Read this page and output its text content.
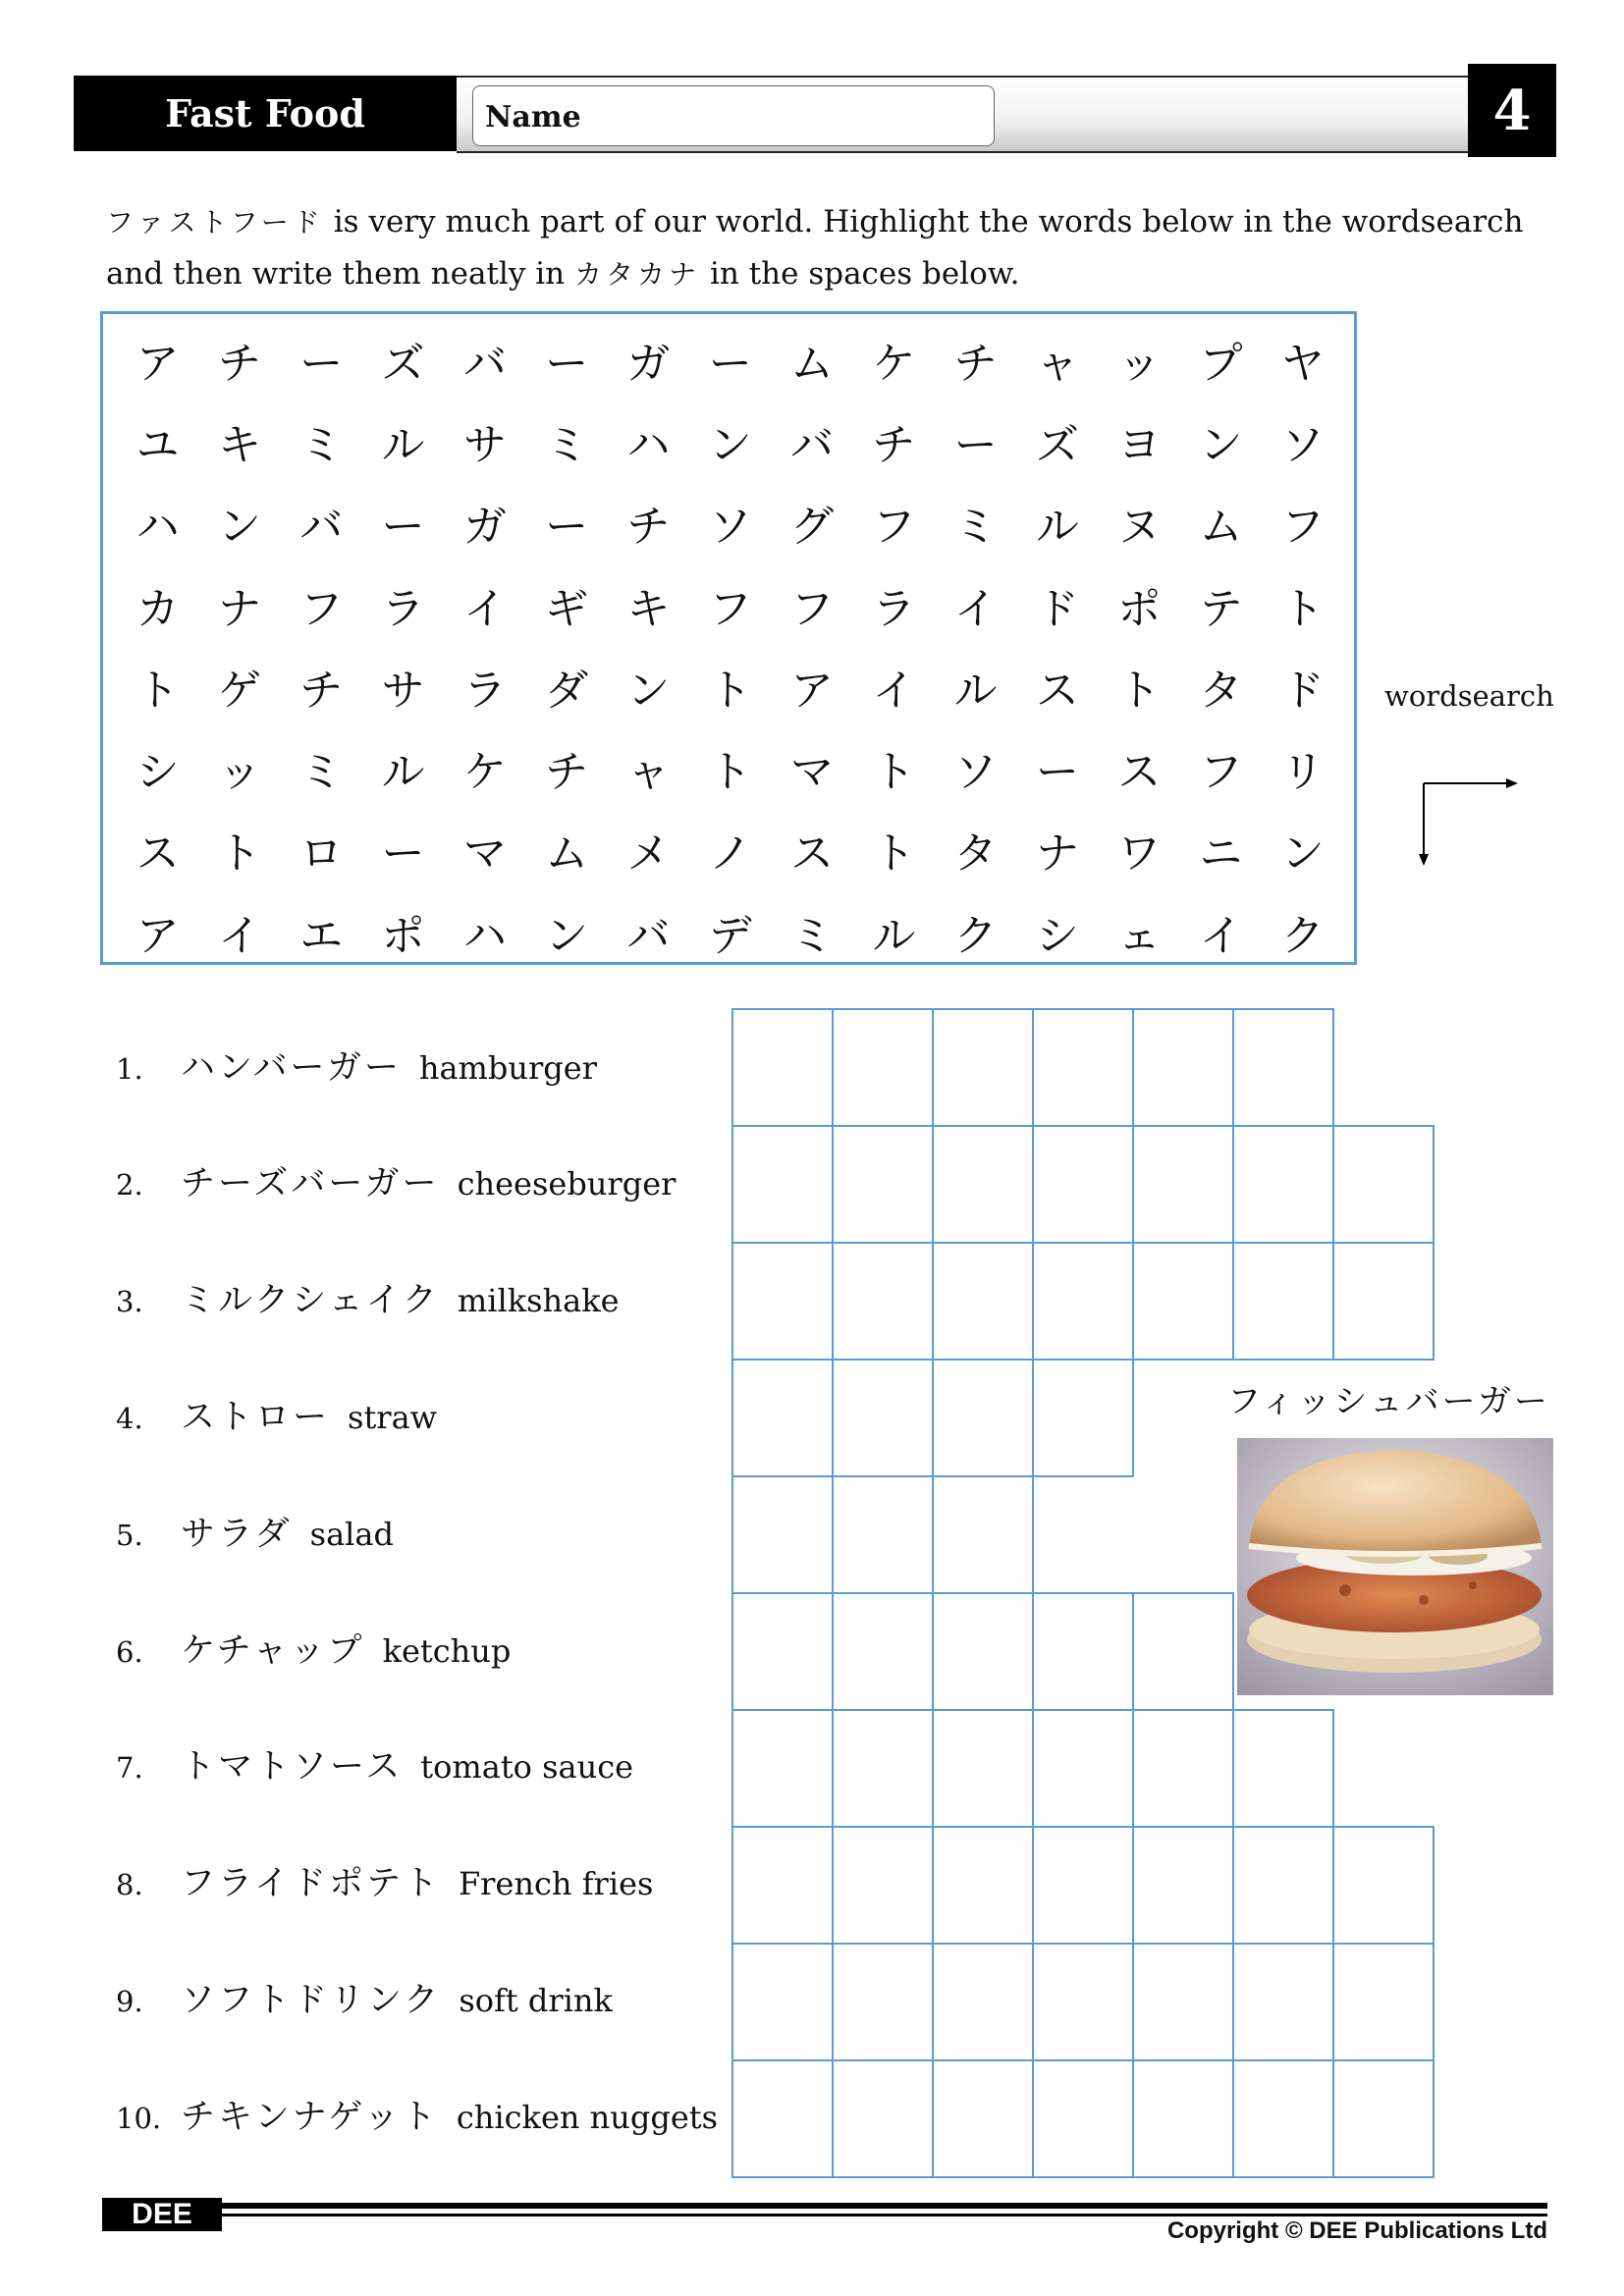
Fast Food	Name	4
ファストフード is very much part of our world. Highlight the words below in the wordsearch
and then write them neatly in カタカナ in the spaces below.
ア チ ー ズ バ ー ガ ー ム ケ チ ャ ッ プ ヤ
ユ キ ミ ル サ ミ ハ ン バ チ ー ズ ヨ ン ソ
ハ ン バ ー ガ ー チ ソ グ フ ミ ル ヌ ム フ
カ ナ フ ラ イ ギ キ フ フ ラ イ ド ポ テ ト
ト ゲ チ サ ラ ダ ン ト ア イ ル ス ト タ ド
シ ッ ミ ル ケ チ ャ ト マ ト ソ ー ス フ リ
ス ト ロ ー マ ム メ ノ ス ト タ ナ ワ ニ ン
ア イ エ ポ ハ ン バ デ ミ ル ク シ ェ イ ク
wordsearch
1.	ハンバーガー hamburger
2.	チーズバーガー cheeseburger
3.	ミルクシェイク milkshake
4.	ストロー straw
5.	サラダ salad
6.	ケチャップ ketchup
7.	トマトソース tomato sauce
8.	フライドポテト French fries
9.	ソフトドリンク soft drink
10. チキンナゲット chicken nuggets
フィッシュバーガー
DEE
Copyright © DEE Publications Ltd
